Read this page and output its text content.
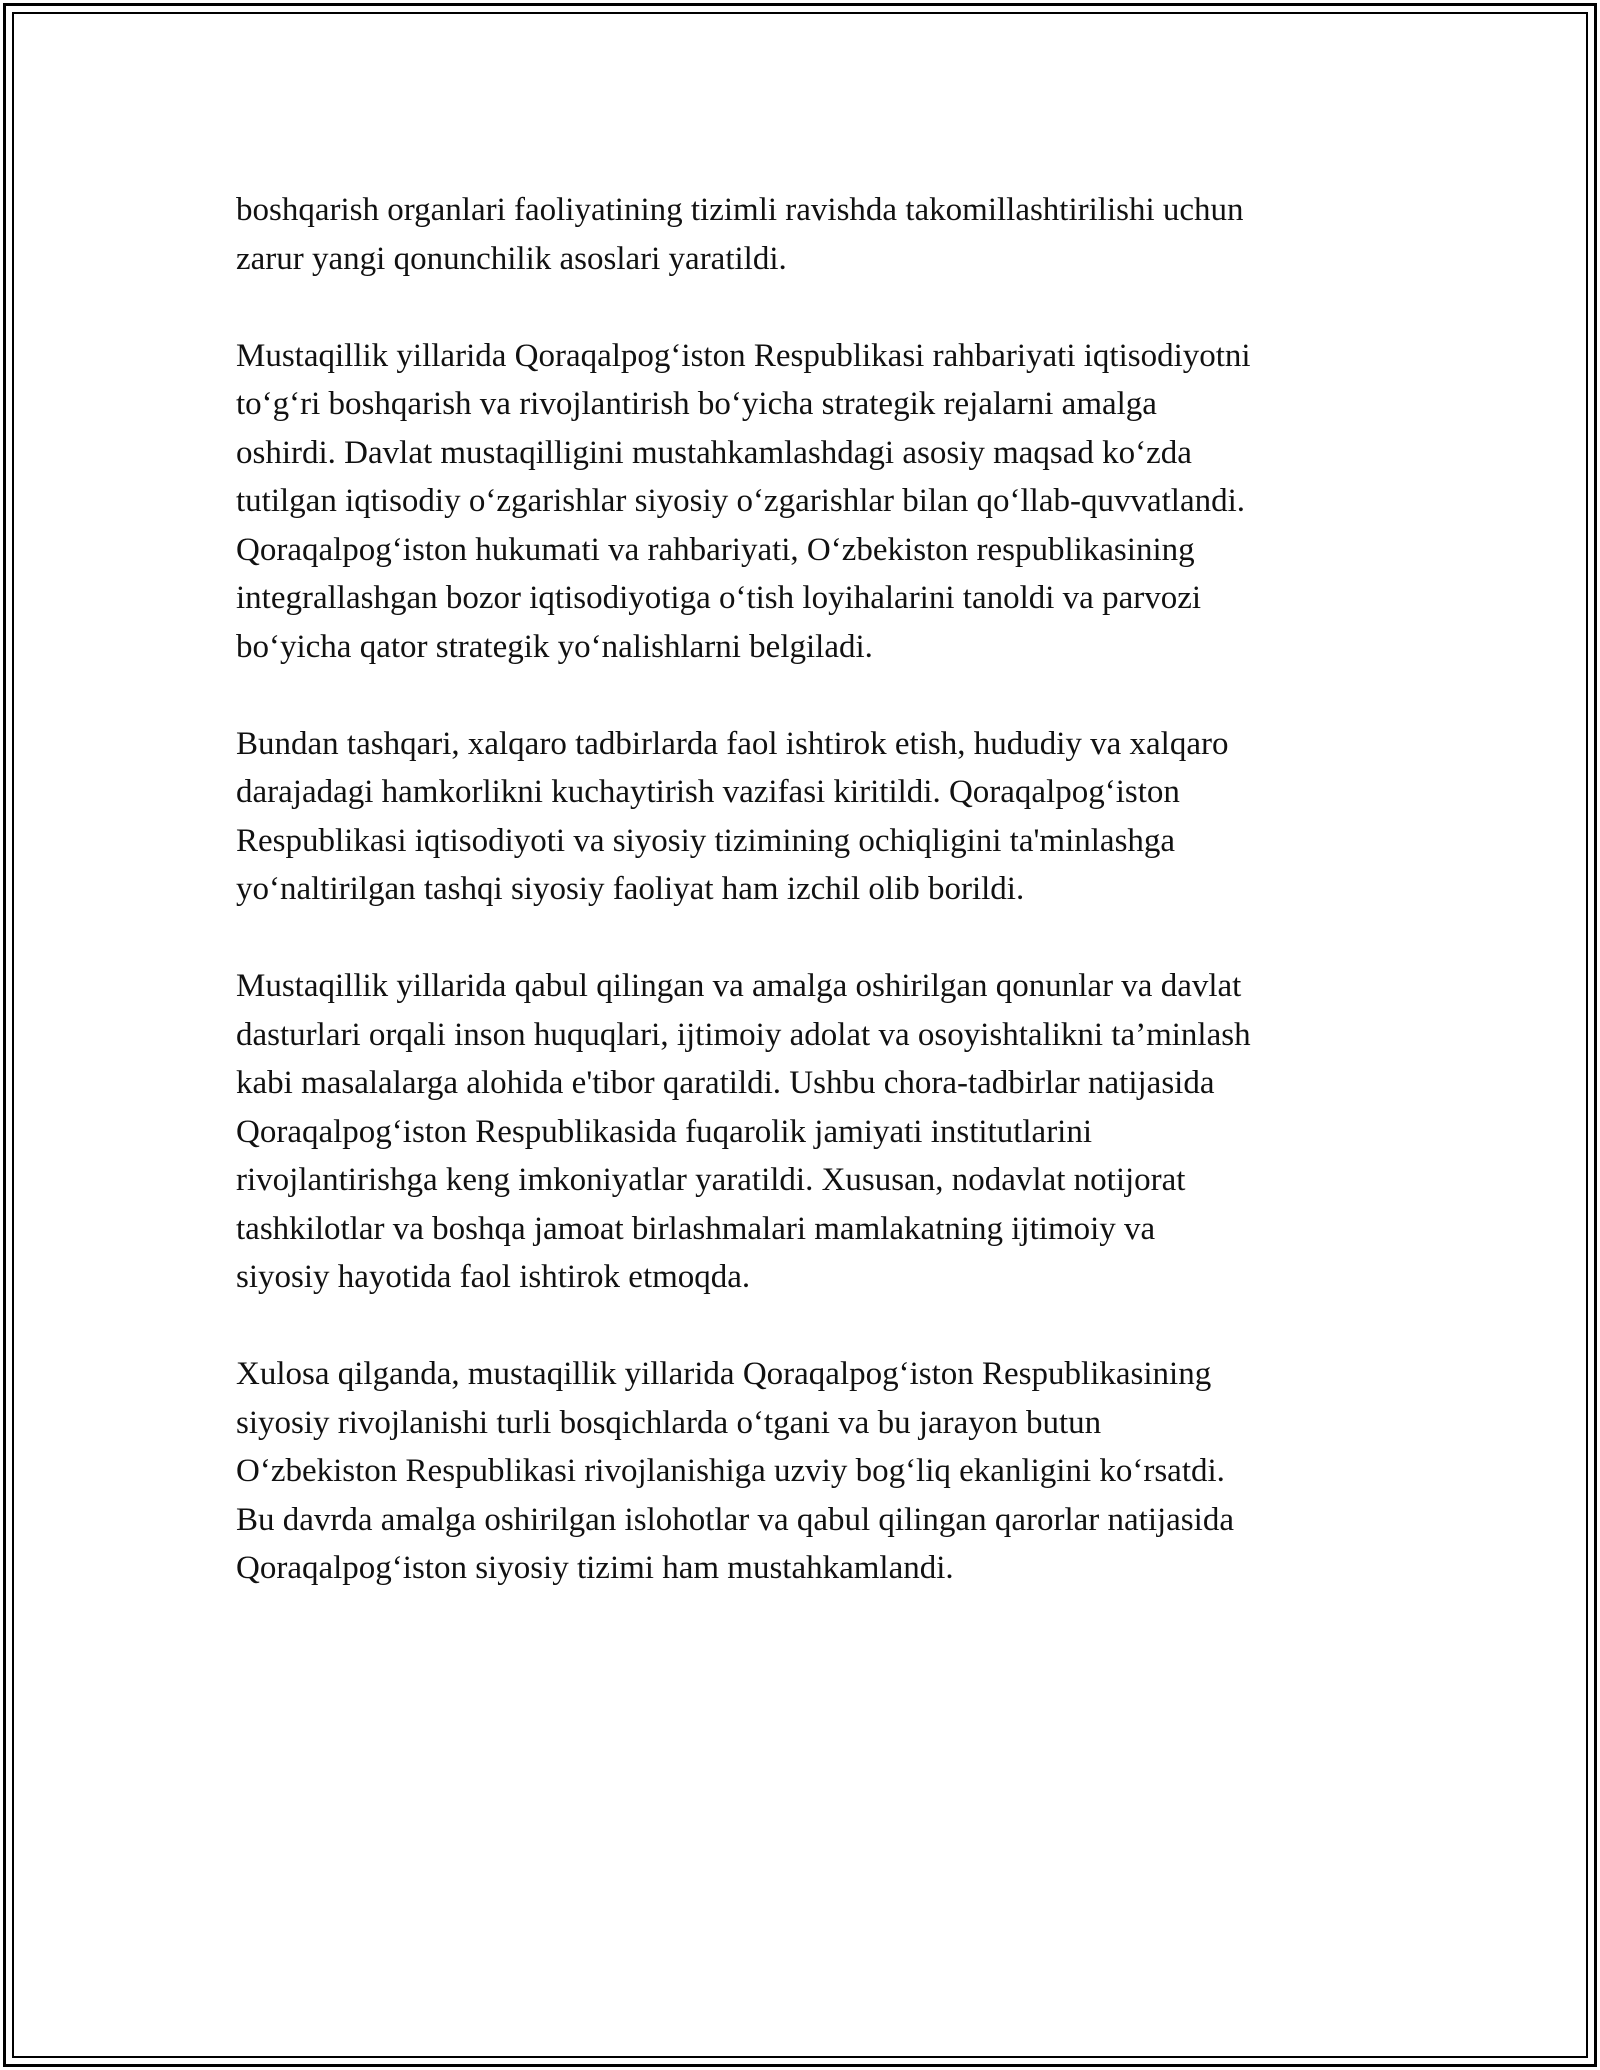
boshqarish organlari faoliyatining tizimli ravishda takomillashtirilishi uchun
zarur yangi qonunchilik asoslari yaratildi.

Mustaqillik yillarida Qoraqalpog‘iston Respublikasi rahbariyati iqtisodiyotni
to‘g‘ri boshqarish va rivojlantirish bo‘yicha strategik rejalarni amalga
oshirdi. Davlat mustaqilligini mustahkamlashdagi asosiy maqsad ko‘zda
tutilgan iqtisodiy o‘zgarishlar siyosiy o‘zgarishlar bilan qo‘llab-quvvatlandi.
Qoraqalpog‘iston hukumati va rahbariyati, O‘zbekiston respublikasining
integrallashgan bozor iqtisodiyotiga o‘tish loyihalarini tanoldi va parvozi
bo‘yicha qator strategik yo‘nalishlarni belgiladi.

Bundan tashqari, xalqaro tadbirlarda faol ishtirok etish, hududiy va xalqaro
darajadagi hamkorlikni kuchaytirish vazifasi kiritildi. Qoraqalpog‘iston
Respublikasi iqtisodiyoti va siyosiy tizimining ochiqligini ta'minlashga
yo‘naltirilgan tashqi siyosiy faoliyat ham izchil olib borildi.

Mustaqillik yillarida qabul qilingan va amalga oshirilgan qonunlar va davlat
dasturlari orqali inson huquqlari, ijtimoiy adolat va osoyishtalikni ta’minlash
kabi masalalarga alohida e'tibor qaratildi. Ushbu chora-tadbirlar natijasida
Qoraqalpog‘iston Respublikasida fuqarolik jamiyati institutlarini
rivojlantirishga keng imkoniyatlar yaratildi. Xususan, nodavlat notijorat
tashkilotlar va boshqa jamoat birlashmalari mamlakatning ijtimoiy va
siyosiy hayotida faol ishtirok etmoqda.

Xulosa qilganda, mustaqillik yillarida Qoraqalpog‘iston Respublikasining
siyosiy rivojlanishi turli bosqichlarda o‘tgani va bu jarayon butun
O‘zbekiston Respublikasi rivojlanishiga uzviy bog‘liq ekanligini ko‘rsatdi.
Bu davrda amalga oshirilgan islohotlar va qabul qilingan qarorlar natijasida
Qoraqalpog‘iston siyosiy tizimi ham mustahkamlandi.
